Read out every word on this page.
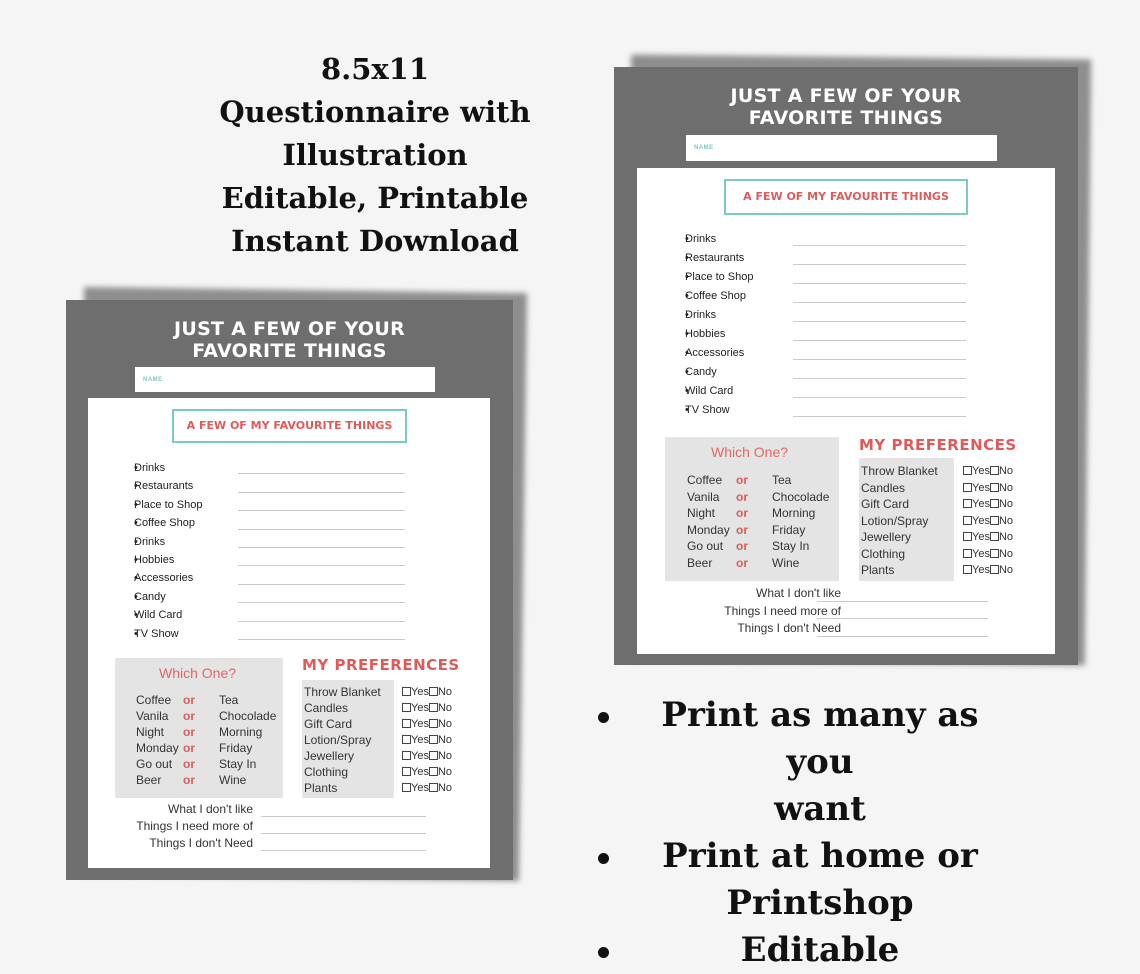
8.5x11
Questionnaire with
Illustration
Editable, Printable
Instant Download
JUST A FEW OF YOUR
FAVORITE THINGS
NAME
A FEW OF MY FAVOURITE THINGS
• Drinks
• Restaurants
• Place to Shop
• Coffee Shop
• Drinks
• Hobbies
• Accessories
• Candy
• Wild Card
• TV Show
Which One?
Coffee or Tea
Vanila or Chocolade
Night or Morning
Monday or Friday
Go out or Stay In
Beer or Wine
MY PREFERENCES
Throw Blanket	Yes No
Candles	Yes No
Gift Card	Yes No
Lotion/Spray	Yes No
Jewellery	Yes No
Clothing	Yes No
Plants	Yes No
What I don't like
Things I need more of
Things I don't Need
JUST A FEW OF YOUR
FAVORITE THINGS
NAME
A FEW OF MY FAVOURITE THINGS
• Drinks
• Restaurants
• Place to Shop
• Coffee Shop
• Drinks
• Hobbies
• Accessories
• Candy
• Wild Card
• TV Show
Which One?
Coffee or Tea
Vanila or Chocolade
Night or Morning
Monday or Friday
Go out or Stay In
Beer or Wine
MY PREFERENCES
Throw Blanket	Yes No
Candles	Yes No
Gift Card	Yes No
Lotion/Spray	Yes No
Jewellery	Yes No
Clothing	Yes No
Plants	Yes No
What I don't like
Things I need more of
Things I don't Need
Print as many as you
want
Print at home or
Printshop
Editable
